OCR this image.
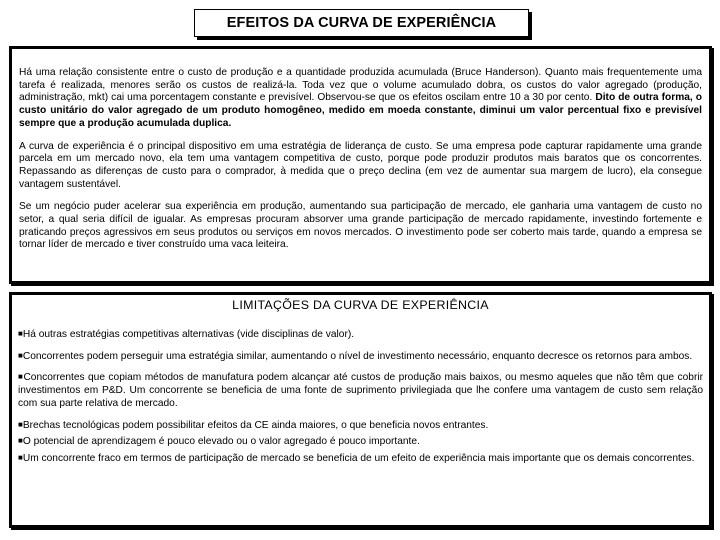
EFEITOS DA CURVA DE EXPERIÊNCIA

Há uma relação consistente entre o custo de produção e a quantidade produzida acumulada (Bruce Handerson). Quanto mais frequentemente uma tarefa é realizada, menores serão os custos de realizá-la. Toda vez que o volume acumulado dobra, os custos do valor agregado (produção, administração, mkt) cai uma porcentagem constante e previsível. Observou-se que os efeitos oscilam entre 10 a 30 por cento. Dito de outra forma, o custo unitário do valor agregado de um produto homogêneo, medido em moeda constante, diminui um valor percentual fixo e previsível sempre que a produção acumulada duplica.

A curva de experiência é o principal dispositivo em uma estratégia de liderança de custo. Se uma empresa pode capturar rapidamente uma grande parcela em um mercado novo, ela tem uma vantagem competitiva de custo, porque pode produzir produtos mais baratos que os concorrentes. Repassando as diferenças de custo para o comprador, à medida que o preço declina (em vez de aumentar sua margem de lucro), ela consegue vantagem sustentável.

Se um negócio puder acelerar sua experiência em produção, aumentando sua participação de mercado, ele ganharia uma vantagem de custo no setor, a qual seria difícil de igualar. As empresas procuram absorver uma grande participação de mercado rapidamente, investindo fortemente e praticando preços agressivos em seus produtos ou serviços em novos mercados. O investimento pode ser coberto mais tarde, quando a empresa se tornar líder de mercado e tiver construído uma vaca leiteira.

LIMITAÇÕES DA CURVA DE EXPERIÊNCIA
■Há outras estratégias competitivas alternativas (vide disciplinas de valor).
■Concorrentes podem perseguir uma estratégia similar, aumentando o nível de investimento necessário, enquanto decresce os retornos para ambos.
■Concorrentes que copiam métodos de manufatura podem alcançar até custos de produção mais baixos, ou mesmo aqueles que não têm que cobrir investimentos em P&D. Um concorrente se beneficia de uma fonte de suprimento privilegiada que lhe confere uma vantagem de custo sem relação com sua parte relativa de mercado.
■Brechas tecnológicas podem possibilitar efeitos da CE ainda maiores, o que beneficia novos entrantes.
■O potencial de aprendizagem é pouco elevado ou o valor agregado é pouco importante.
■Um concorrente fraco em termos de participação de mercado se beneficia de um efeito de experiência mais importante que os demais concorrentes.
